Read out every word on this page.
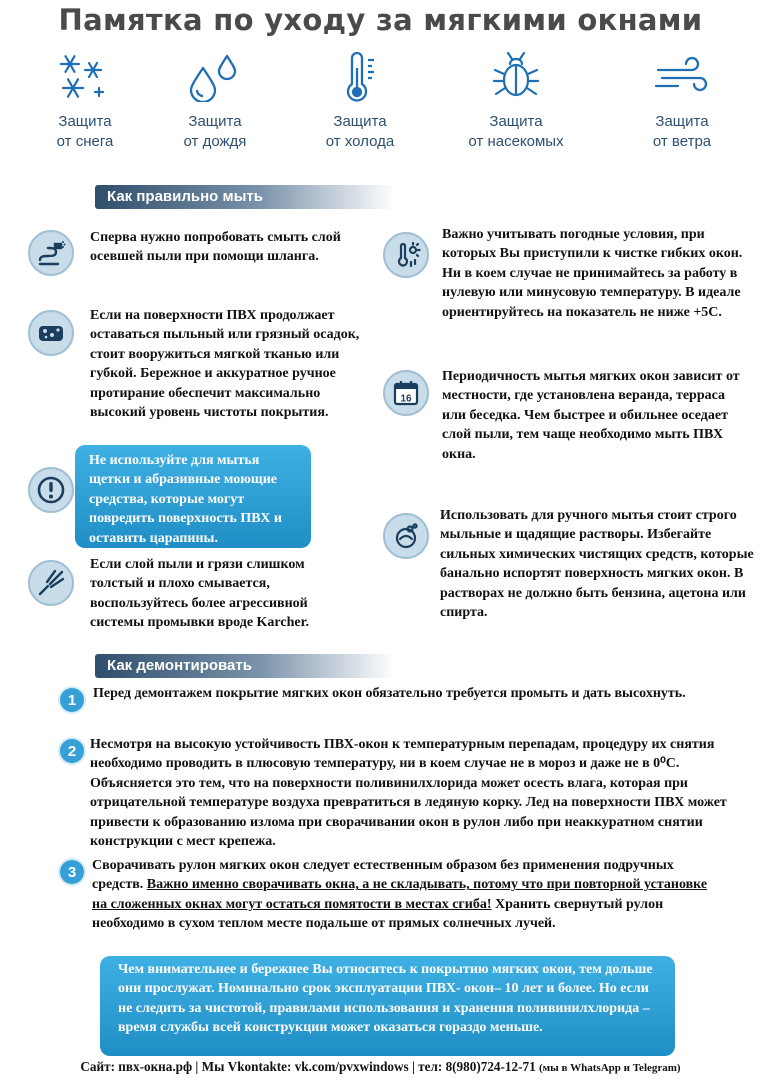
Памятка по уходу за мягкими окнами
Защита
от снега
Защита
от дождя
Защита
от холода
Защита
от насекомых
Защита
от ветра
Как правильно мыть
Сперва нужно попробовать смыть слой осевшей пыли при помощи шланга.
Если на поверхности ПВХ продолжает оставаться пыльный или грязный осадок, стоит вооружиться мягкой тканью или губкой. Бережное и аккуратное ручное протирание обеспечит максимально высокий уровень чистоты покрытия.
Не используйте для мытья щетки и абразивные моющие средства, которые могут повредить поверхность ПВХ и оставить царапины.
Если слой пыли и грязи слишком толстый и плохо смывается, воспользуйтесь более агрессивной системы промывки вроде Karcher.
Важно учитывать погодные условия, при которых Вы приступили к чистке гибких окон. Ни в коем случае не принимайтесь за работу в нулевую или минусовую температуру. В идеале ориентируйтесь на показатель не ниже +5С.
16
Периодичность мытья мягких окон зависит от местности, где установлена веранда, терраса или беседка. Чем быстрее и обильнее оседает слой пыли, тем чаще необходимо мыть ПВХ окна.
Использовать для ручного мытья стоит строго мыльные и щадящие растворы. Избегайте сильных химических чистящих средств, которые банально испортят поверхность мягких окон. В растворах не должно быть бензина, ацетона или спирта.
Как демонтировать
1	Перед демонтажем покрытие мягких окон обязательно требуется промыть и дать высохнуть.
2 Несмотря на высокую устойчивость ПВХ-окон к температурным перепадам, процедуру их снятия необходимо проводить в плюсовую температуру, ни в коем случае не в мороз и даже не в 0⁰С. Объясняется это тем, что на поверхности поливинилхлорида может осесть влага, которая при отрицательной температуре воздуха превратиться в ледяную корку. Лед на поверхности ПВХ может привести к образованию излома при сворачивании окон в рулон либо при неаккуратном снятии конструкции с мест крепежа.
3	Сворачивать рулон мягких окон следует естественным образом без применения подручных средств. Важно именно сворачивать окна, а не складывать, потому что при повторной установке на сложенных окнах могут остаться помятости в местах сгиба! Хранить свернутый рулон необходимо в сухом теплом месте подальше от прямых солнечных лучей.
Чем внимательнее и бережнее Вы относитесь к покрытию мягких окон, тем дольше они прослужат. Номинально срок эксплуатации ПВХ- окон– 10 лет и более. Но если не следить за чистотой, правилами использования и хранения поливинилхлорида – время службы всей конструкции может оказаться гораздо меньше.
Сайт: пвх-окна.рф | Мы Vkontakte: vk.com/pvxwindows | тел: 8(980)724-12-71 (мы в WhatsApp и Telegram)
